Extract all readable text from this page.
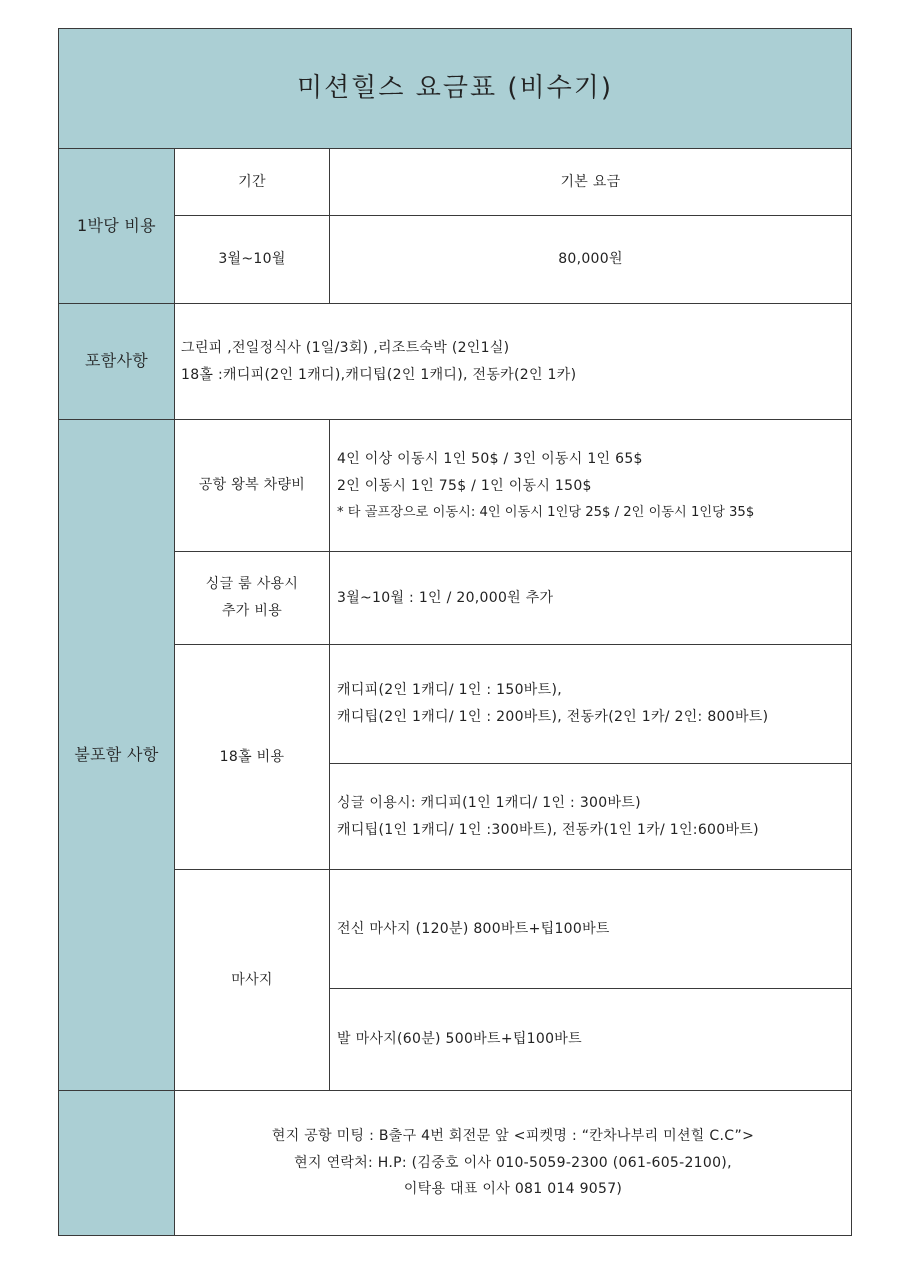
미션힐스 요금표 (비수기)
1박당 비용
기간	기본 요금
3월~10월	80,000원
포함사항
그린피 ,전일정식사 (1일/3회) ,리조트숙박 (2인1실)
18홀 :캐디피(2인 1캐디),캐디팁(2인 1캐디), 전동카(2인 1카)
불포함 사항
공항 왕복 차량비
4인 이상 이동시 1인 50$ / 3인 이동시 1인 65$
2인 이동시 1인 75$ / 1인 이동시 150$
* 타 골프장으로 이동시: 4인 이동시 1인당 25$ / 2인 이동시 1인당 35$
싱글 룸 사용시
추가 비용
3월~10월 : 1인 / 20,000원 추가
18홀 비용
캐디피(2인 1캐디/ 1인 : 150바트),
캐디팁(2인 1캐디/ 1인 : 200바트), 전동카(2인 1카/ 2인: 800바트)
싱글 이용시: 캐디피(1인 1캐디/ 1인 : 300바트)
캐디팁(1인 1캐디/ 1인 :300바트), 전동카(1인 1카/ 1인:600바트)
마사지
전신 마사지 (120분) 800바트+팁100바트
발 마사지(60분) 500바트+팁100바트
현지 공항 미팅 : B출구 4번 회전문 앞 <피켓명 : “칸차나부리 미션힐 C.C”>
현지 연락처: H.P: (김중호 이사 010-5059-2300 (061-605-2100),
이탁용 대표 이사 081 014 9057)
